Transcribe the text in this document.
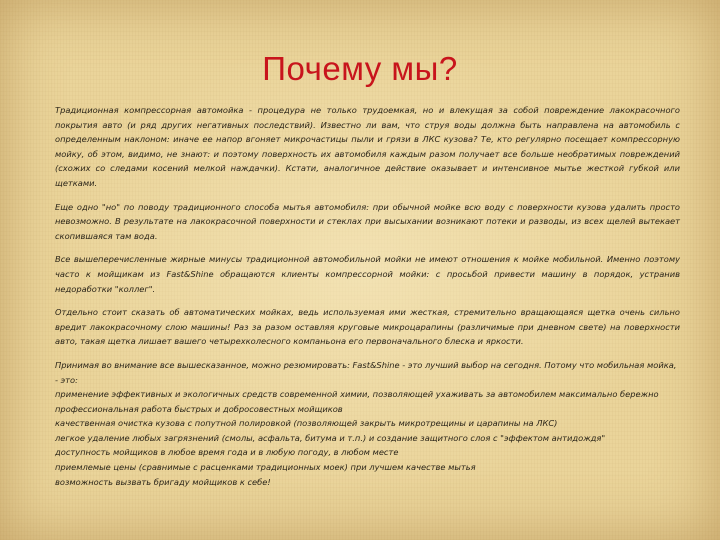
Почему мы?

Традиционная компрессорная автомойка - процедура не только трудоемкая, но и влекущая за собой повреждение лакокрасочного покрытия авто (и ряд других негативных последствий). Известно ли вам, что струя воды должна быть направлена на автомобиль с определенным наклоном: иначе ее напор вгоняет микрочастицы пыли и грязи в ЛКС кузова? Те, кто регулярно посещает компрессорную мойку, об этом, видимо, не знают: и поэтому поверхность их автомобиля каждым разом получает все больше необратимых повреждений (схожих со следами косений мелкой наждачки). Кстати, аналогичное действие оказывает и интенсивное мытье жесткой губкой или щетками.

Еще одно "но" по поводу традиционного способа мытья автомобиля: при обычной мойке всю воду с поверхности кузова удалить просто невозможно. В результате на лакокрасочной поверхности и стеклах при высыхании возникают потеки и разводы, из всех щелей вытекает скопившаяся там вода.

Все вышеперечисленные жирные минусы традиционной автомобильной мойки не имеют отношения к мойке мобильной. Именно поэтому часто к мойщикам из Fast&Shine обращаются клиенты компрессорной мойки: с просьбой привести машину в порядок, устранив недоработки "коллег".

Отдельно стоит сказать об автоматических мойках, ведь используемая ими жесткая, стремительно вращающаяся щетка очень сильно вредит лакокрасочному слою машины! Раз за разом оставляя круговые микроцарапины (различимые при дневном свете) на поверхности авто, такая щетка лишает вашего четырехколесного компаньона его первоначального блеска и яркости.

Принимая во внимание все вышесказанное, можно резюмировать: Fast&Shine - это лучший выбор на сегодня. Потому что мобильная мойка, - это:
применение эффективных и экологичных средств современной химии, позволяющей ухаживать за автомобилем максимально бережно
профессиональная работа быстрых и добросовестных мойщиков
качественная очистка кузова с попутной полировкой (позволяющей закрыть микротрещины и царапины на ЛКС)
легкое удаление любых загрязнений (смолы, асфальта, битума и т.п.) и создание защитного слоя с "эффектом антидождя"
доступность мойщиков в любое время года и в любую погоду, в любом месте
приемлемые цены (сравнимые с расценками традиционных моек) при лучшем качестве мытья
возможность вызвать бригаду мойщиков к себе!
